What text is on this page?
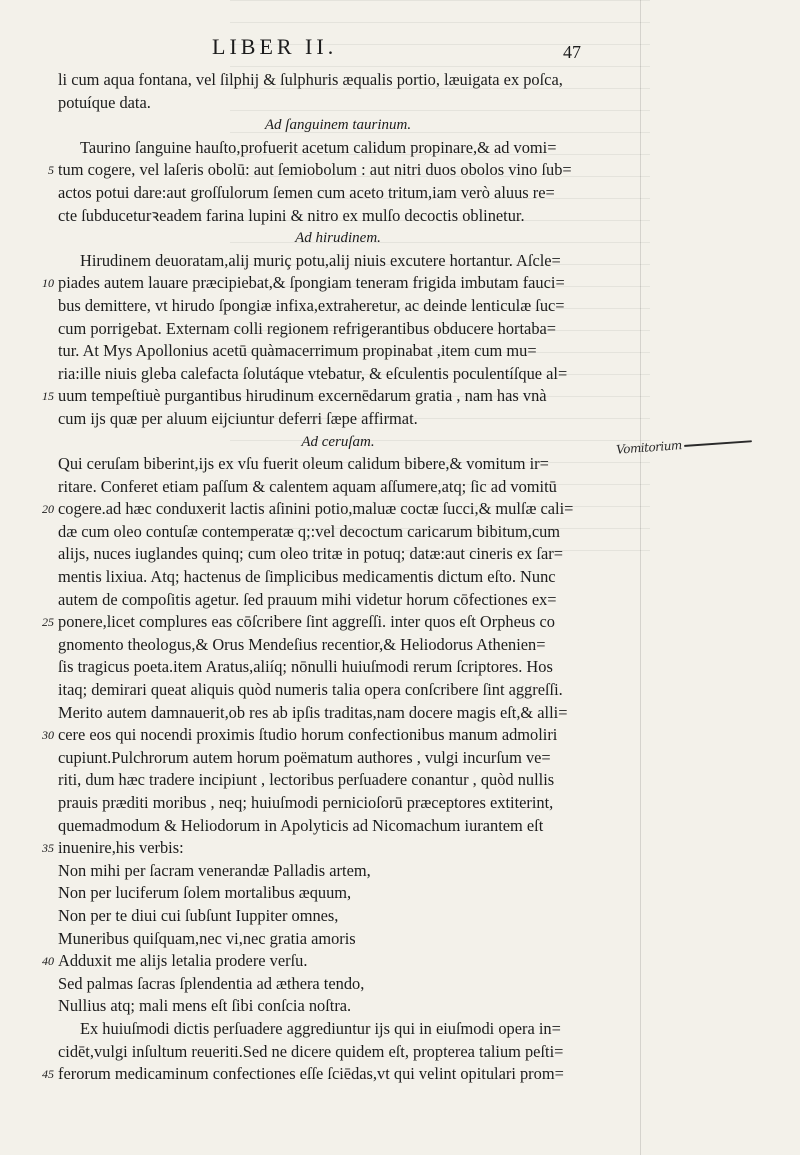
LIBER II.	47
li cum aqua fontana, vel ſilphij & ſulphuris æqualis portio, læuigata ex poſca,
potuíque data.
Ad ſanguinem taurinum.
Taurino ſanguine hauſto,profuerit acetum calidum propinare,& ad vomi=
5 tum cogere, vel laſeris obolū: aut ſemiobolum : aut nitri duos obolos vino ſub=
actos potui dare:aut groſſulorum ſemen cum aceto tritum,iam verò aluus re=
cte ſubduceturꝛeadem farina lupini & nitro ex mulſo decoctis oblinetur.
Ad hirudinem.
Hirudinem deuoratam,alij muriç potu,alij niuis excutere hortantur. Aſcle=
10 piades autem lauare præcipiebat,& ſpongiam teneram frigida imbutam fauci=
bus demittere, vt hirudo ſpongiæ infixa,extraheretur, ac deinde lenticulæ ſuc=
cum porrigebat. Externam colli regionem refrigerantibus obducere hortaba=
tur. At Mys Apollonius acetū quàmacerrimum propinabat ,item cum mu=
ria:ille niuis gleba calefacta ſolutáque vtebatur, & eſculentis poculentíſque al=
15 uum tempeſtiuè purgantibus hirudinum excernēdarum gratia , nam has vnà
cum iјs quæ per aluum eiјciuntur deferri ſæpe affirmat.
Ad ceruſam.
Qui ceruſam biberint,iјs ex vſu fuerit oleum calidum bibere,& vomitum ir=
ritare. Conferet etiam paſſum & calentem aquam aſſumere,atq; ſic ad vomitū
20 cogere.ad hæc conduxerit lactis aſinini potio,maluæ coctæ ſucci,& mulſæ cali=
dæ cum oleo contuſæ contemperatæ q;:vel decoctum caricarum bibitum,cum
alijs, nuces iuglandes quinq; cum oleo tritæ in potuq; datæ:aut cineris ex ſar=
mentis lixiua. Atq; hactenus de ſimplicibus medicamentis dictum eſto. Nunc
autem de compoſitis agetur. ſed prauum mihi videtur horum cōfectiones ex=
25 ponere,licet complures eas cōſcribere ſint aggreſſi. inter quos eſt Orpheus co
gnomento theologus,& Orus Mendeſius recentior,& Heliodorus Athenien=
ſis tragicus poeta.item Aratus,aliíq; nōnulli huiuſmodi rerum ſcriptores. Hos
itaq; demirari queat aliquis quòd numeris talia opera conſcribere ſint aggreſſi.
Merito autem damnauerit,ob res ab ipſis traditas,nam docere magis eſt,& alli=
30 cere eos qui nocendi proximis ſtudio horum confectionibus manum admoliri
cupiunt.Pulchrorum autem horum poëmatum authores , vulgi incurſum ve=
riti, dum hæc tradere incipiunt , lectoribus perſuadere conantur , quòd nullis
prauis præditi moribus , neq; huiuſmodi pernicioſorū præceptores extiterint,
quemadmodum & Heliodorum in Apolyticis ad Nicomachum iurantem eſt
35 inuenire,his verbis:
Non mihi per ſacram venerandæ Palladis artem,
Non per luciferum ſolem mortalibus æquum,
Non per te diui cui ſubſunt Iuppiter omnes,
Muneribus quiſquam,nec vi,nec gratia amoris
40 Adduxit me alijs letalia prodere verſu.
Sed palmas ſacras ſplendentia ad æthera tendo,
Nullius atq; mali mens eſt ſibi conſcia noſtra.
Ex huiuſmodi dictis perſuadere aggrediuntur iјs qui in eiuſmodi opera in=
cidēt,vulgi inſultum reueriti.Sed ne dicere quidem eſt, propterea talium peſti=
45 ferorum medicaminum confectiones eſſe ſciēdas,vt qui velint opitulari prom=
Vomitorium
